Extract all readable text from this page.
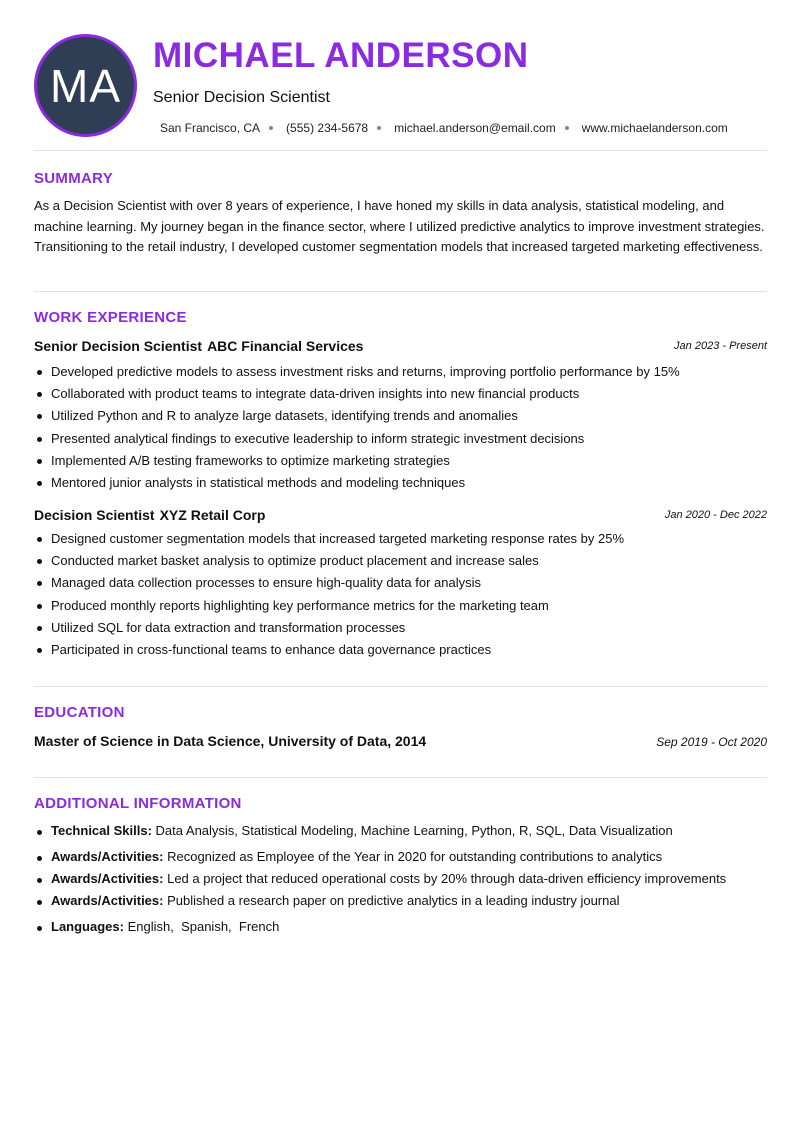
MA
MICHAEL ANDERSON
Senior Decision Scientist
San Francisco, CA (555) 234-5678 michael.anderson@email.com www.michaelanderson.com
SUMMARY

As a Decision Scientist with over 8 years of experience, I have honed my skills in data analysis, statistical modeling, and machine learning. My journey began in the finance sector, where I utilized predictive analytics to improve investment strategies. Transitioning to the retail industry, I developed customer segmentation models that increased targeted marketing effectiveness.

WORK EXPERIENCE
Senior Decision Scientist ABC Financial Services	Jan 2023 - Present
Developed predictive models to assess investment risks and returns, improving portfolio performance by 15%
Collaborated with product teams to integrate data-driven insights into new financial products
Utilized Python and R to analyze large datasets, identifying trends and anomalies
Presented analytical findings to executive leadership to inform strategic investment decisions
Implemented A/B testing frameworks to optimize marketing strategies
Mentored junior analysts in statistical methods and modeling techniques
Decision Scientist XYZ Retail Corp	Jan 2020 - Dec 2022
Designed customer segmentation models that increased targeted marketing response rates by 25%
Conducted market basket analysis to optimize product placement and increase sales
Managed data collection processes to ensure high-quality data for analysis
Produced monthly reports highlighting key performance metrics for the marketing team
Utilized SQL for data extraction and transformation processes
Participated in cross-functional teams to enhance data governance practices
EDUCATION
Master of Science in Data Science, University of Data, 2014	Sep 2019 - Oct 2020
ADDITIONAL INFORMATION
Technical Skills: Data Analysis, Statistical Modeling, Machine Learning, Python, R, SQL, Data Visualization
Awards/Activities: Recognized as Employee of the Year in 2020 for outstanding contributions to analytics
Awards/Activities: Led a project that reduced operational costs by 20% through data-driven efficiency improvements
Awards/Activities: Published a research paper on predictive analytics in a leading industry journal
Languages: English,  Spanish,  French
